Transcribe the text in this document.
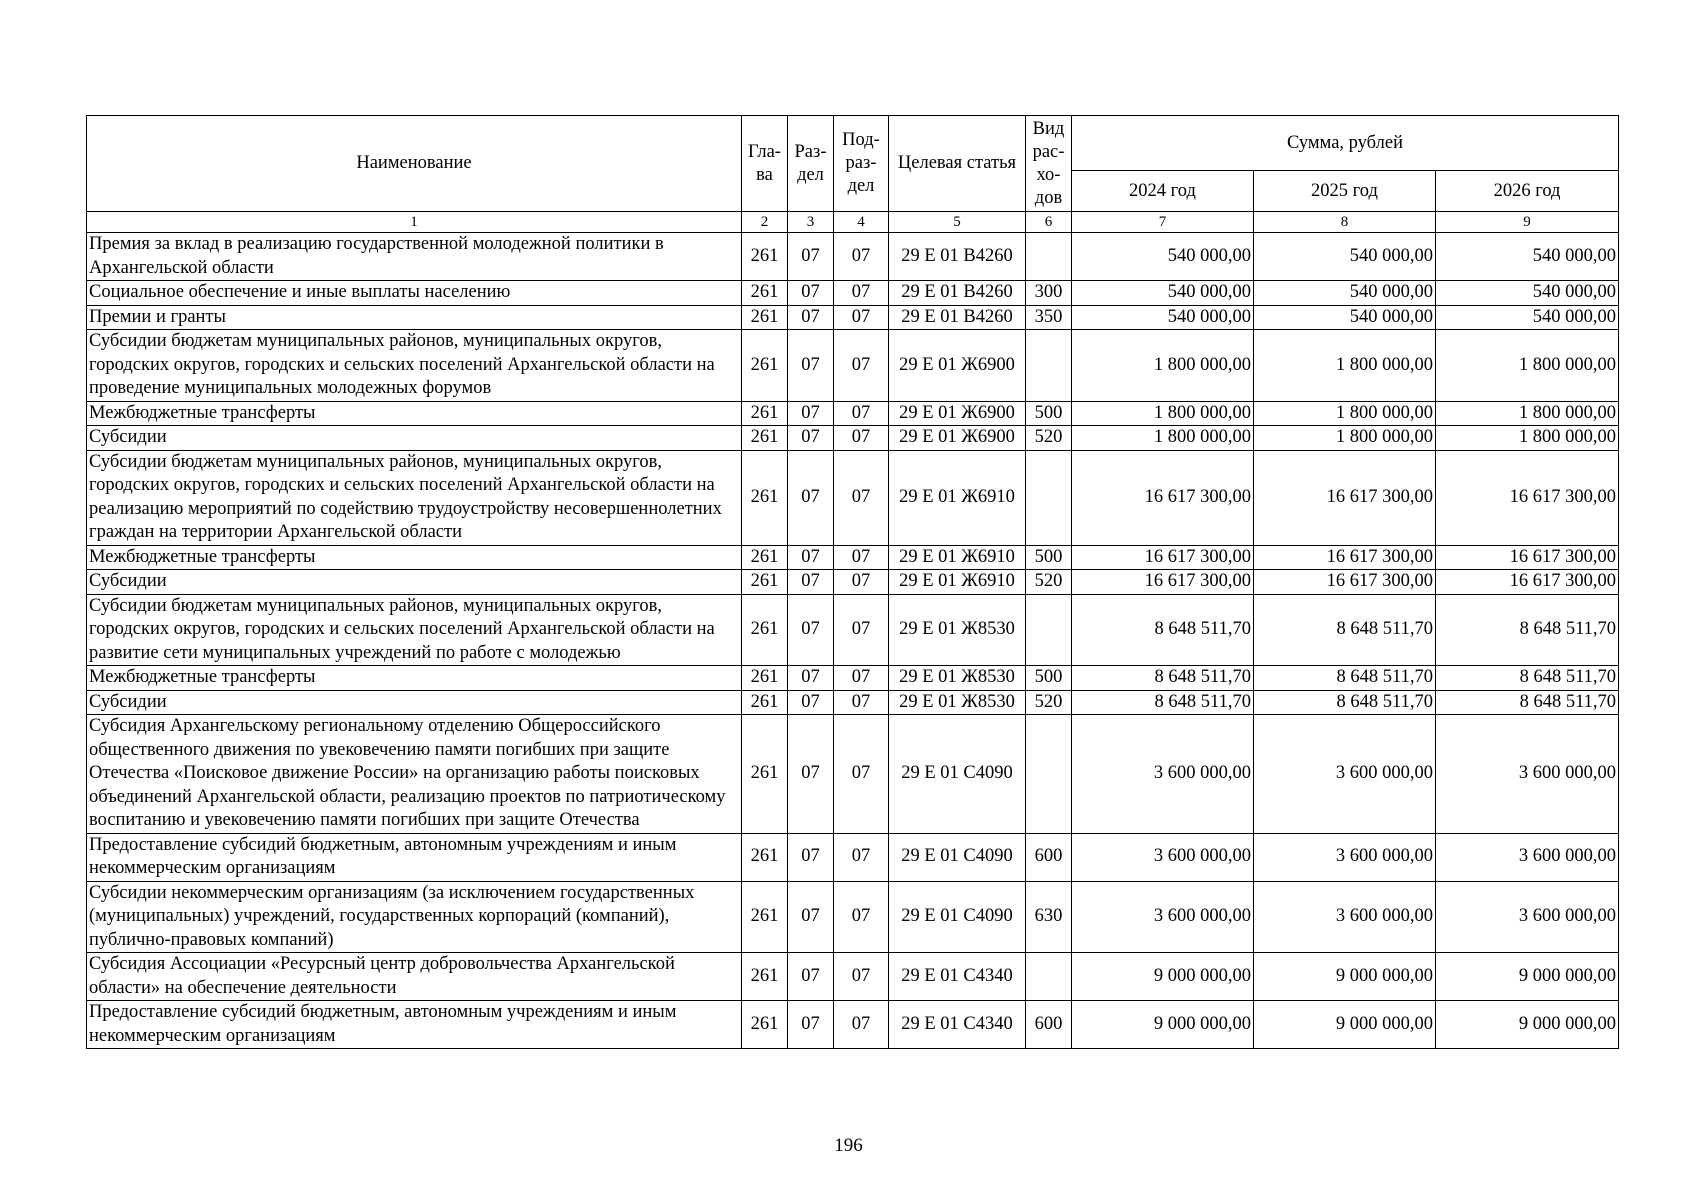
Наименование	Гла-ва	Раз-дел	Под-раз-дел	Целевая статья	Вид рас-хо-дов	Сумма, рублей		
						2024 год	2025 год	2026 год
1	2	3	4	5	6	7	8	9
Премия за вклад в реализацию государственной молодежной политики в Архангельской области	261	07	07	29 Е 01 В4260		540 000,00	540 000,00	540 000,00
Социальное обеспечение и иные выплаты населению	261	07	07	29 Е 01 В4260	300	540 000,00	540 000,00	540 000,00
Премии и гранты	261	07	07	29 Е 01 В4260	350	540 000,00	540 000,00	540 000,00
Субсидии бюджетам муниципальных районов, муниципальных округов, городских округов, городских и сельских поселений Архангельской области на проведение муниципальных молодежных форумов	261	07	07	29 Е 01 Ж6900		1 800 000,00	1 800 000,00	1 800 000,00
Межбюджетные трансферты	261	07	07	29 Е 01 Ж6900	500	1 800 000,00	1 800 000,00	1 800 000,00
Субсидии	261	07	07	29 Е 01 Ж6900	520	1 800 000,00	1 800 000,00	1 800 000,00
Субсидии бюджетам муниципальных районов, муниципальных округов, городских округов, городских и сельских поселений Архангельской области на реализацию мероприятий по содействию трудоустройству несовершеннолетних граждан на территории Архангельской области	261	07	07	29 Е 01 Ж6910		16 617 300,00	16 617 300,00	16 617 300,00
Межбюджетные трансферты	261	07	07	29 Е 01 Ж6910	500	16 617 300,00	16 617 300,00	16 617 300,00
Субсидии	261	07	07	29 Е 01 Ж6910	520	16 617 300,00	16 617 300,00	16 617 300,00
Субсидии бюджетам муниципальных районов, муниципальных округов, городских округов, городских и сельских поселений Архангельской области на развитие сети муниципальных учреждений по работе с молодежью	261	07	07	29 Е 01 Ж8530		8 648 511,70	8 648 511,70	8 648 511,70
Межбюджетные трансферты	261	07	07	29 Е 01 Ж8530	500	8 648 511,70	8 648 511,70	8 648 511,70
Субсидии	261	07	07	29 Е 01 Ж8530	520	8 648 511,70	8 648 511,70	8 648 511,70
Субсидия Архангельскому региональному отделению Общероссийского общественного движения по увековечению памяти погибших при защите Отечества «Поисковое движение России» на организацию работы поисковых объединений Архангельской области, реализацию проектов по патриотическому воспитанию и увековечению памяти погибших при защите Отечества	261	07	07	29 Е 01 С4090		3 600 000,00	3 600 000,00	3 600 000,00
Предоставление субсидий бюджетным, автономным учреждениям и иным некоммерческим организациям	261	07	07	29 Е 01 С4090	600	3 600 000,00	3 600 000,00	3 600 000,00
Субсидии некоммерческим организациям (за исключением государственных (муниципальных) учреждений, государственных корпораций (компаний), публично-правовых компаний)	261	07	07	29 Е 01 С4090	630	3 600 000,00	3 600 000,00	3 600 000,00
Субсидия Ассоциации «Ресурсный центр добровольчества Архангельской области» на обеспечение деятельности	261	07	07	29 Е 01 С4340		9 000 000,00	9 000 000,00	9 000 000,00
Предоставление субсидий бюджетным, автономным учреждениям и иным некоммерческим организациям	261	07	07	29 Е 01 С4340	600	9 000 000,00	9 000 000,00	9 000 000,00
196
